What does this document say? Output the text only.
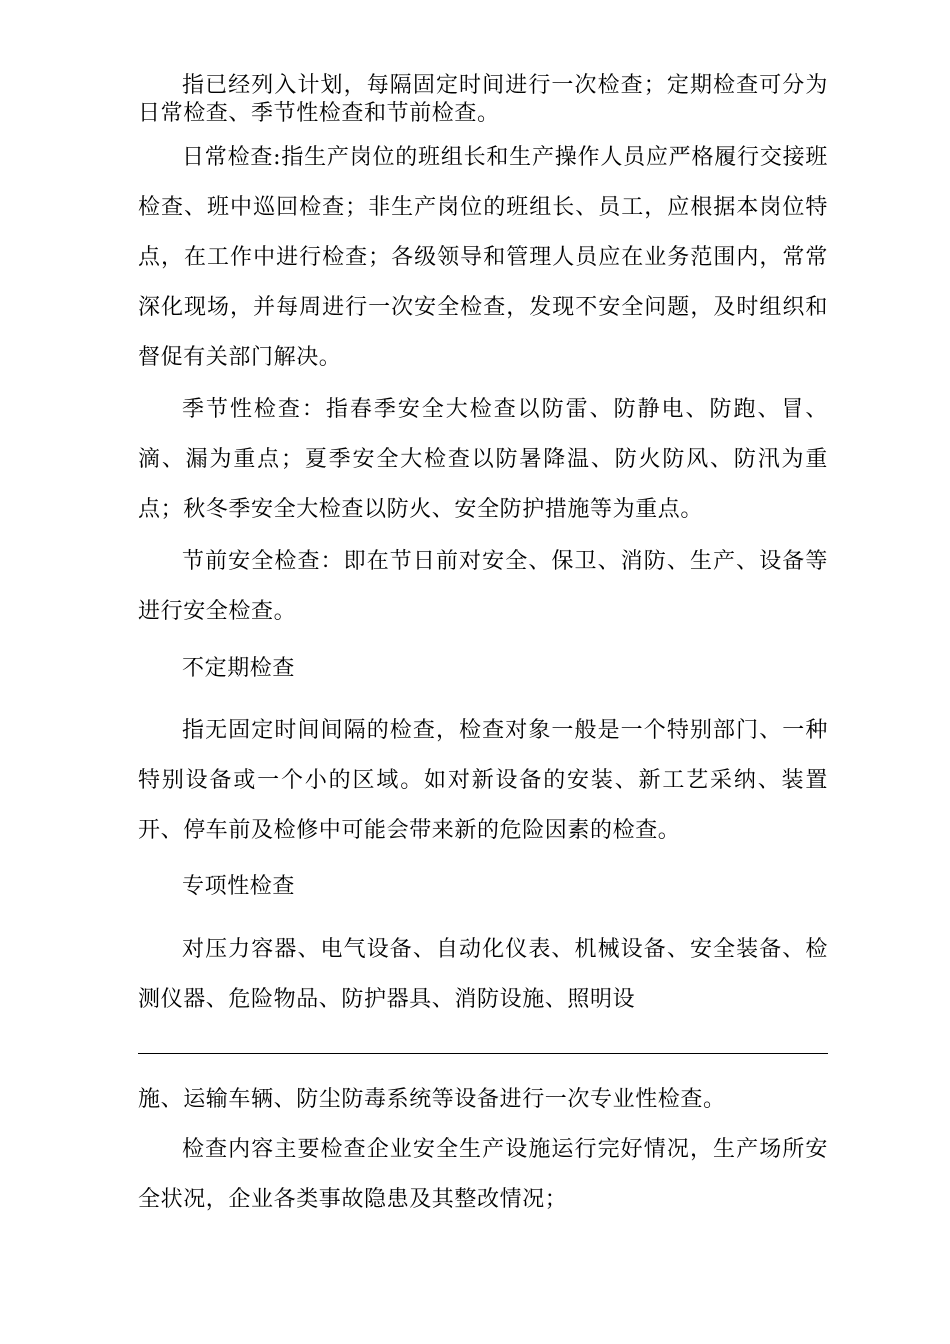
指已经列入计划，每隔固定时间进行一次检查；定期检查可分为日常检查、季节性检查和节前检查。

日常检查:指生产岗位的班组长和生产操作人员应严格履行交接班检查、班中巡回检查；非生产岗位的班组长、员工，应根据本岗位特点，在工作中进行检查；各级领导和管理人员应在业务范围内，常常深化现场，并每周进行一次安全检查，发现不安全问题，及时组织和督促有关部门解决。

季节性检查：指春季安全大检查以防雷、防静电、防跑、冒、滴、漏为重点；夏季安全大检查以防暑降温、防火防风、防汛为重点；秋冬季安全大检查以防火、安全防护措施等为重点。

节前安全检查：即在节日前对安全、保卫、消防、生产、设备等进行安全检查。

不定期检查

指无固定时间间隔的检查，检查对象一般是一个特别部门、一种特别设备或一个小的区域。如对新设备的安装、新工艺采纳、装置开、停车前及检修中可能会带来新的危险因素的检查。

专项性检查

对压力容器、电气设备、自动化仪表、机械设备、安全装备、检测仪器、危险物品、防护器具、消防设施、照明设

施、运输车辆、防尘防毒系统等设备进行一次专业性检查。

检查内容主要检查企业安全生产设施运行完好情况，生产场所安全状况，企业各类事故隐患及其整改情况；
